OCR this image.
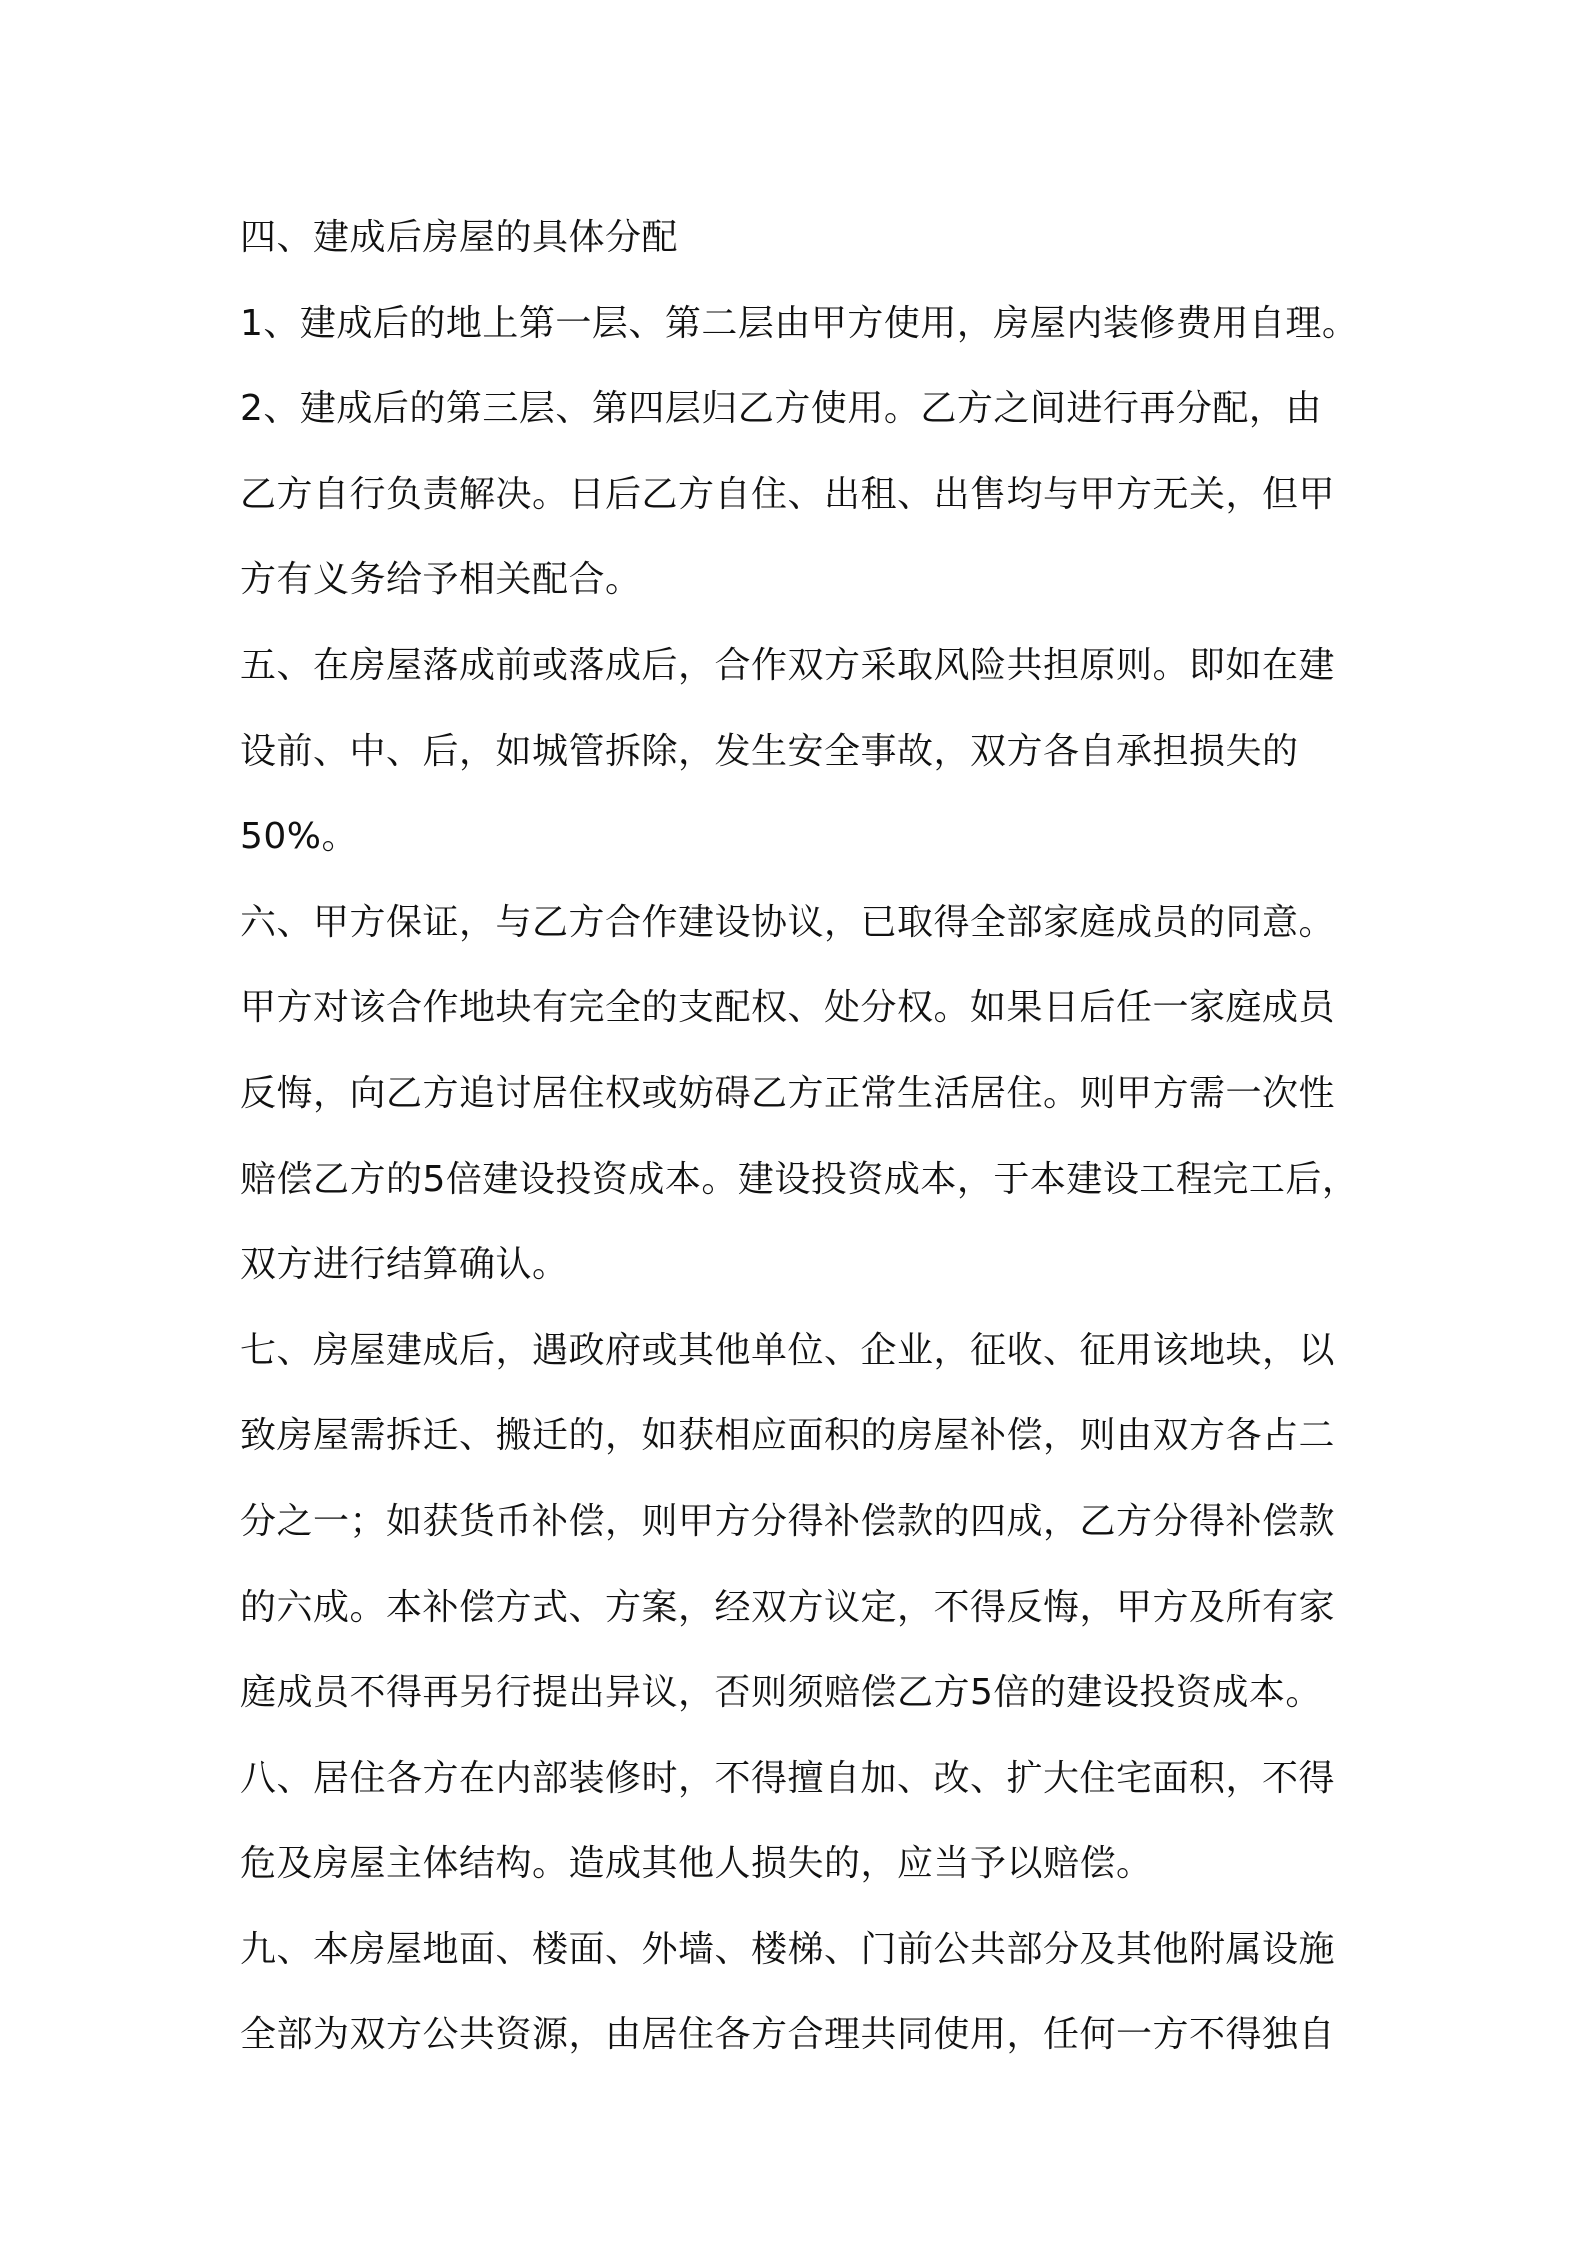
四、建成后房屋的具体分配
1、建成后的地上第一层、第二层由甲方使用，房屋内装修费用自理。
2、建成后的第三层、第四层归乙方使用。乙方之间进行再分配，由
乙方自行负责解决。日后乙方自住、出租、出售均与甲方无关，但甲
方有义务给予相关配合。
五、在房屋落成前或落成后，合作双方采取风险共担原则。即如在建
设前、中、后，如城管拆除，发生安全事故，双方各自承担损失的
50%。
六、甲方保证，与乙方合作建设协议，已取得全部家庭成员的同意。
甲方对该合作地块有完全的支配权、处分权。如果日后任一家庭成员
反悔，向乙方追讨居住权或妨碍乙方正常生活居住。则甲方需一次性
赔偿乙方的5倍建设投资成本。建设投资成本，于本建设工程完工后，
双方进行结算确认。
七、房屋建成后，遇政府或其他单位、企业，征收、征用该地块，以
致房屋需拆迁、搬迁的，如获相应面积的房屋补偿，则由双方各占二
分之一；如获货币补偿，则甲方分得补偿款的四成，乙方分得补偿款
的六成。本补偿方式、方案，经双方议定，不得反悔，甲方及所有家
庭成员不得再另行提出异议，否则须赔偿乙方5倍的建设投资成本。
八、居住各方在内部装修时，不得擅自加、改、扩大住宅面积，不得
危及房屋主体结构。造成其他人损失的，应当予以赔偿。
九、本房屋地面、楼面、外墙、楼梯、门前公共部分及其他附属设施
全部为双方公共资源，由居住各方合理共同使用，任何一方不得独自
